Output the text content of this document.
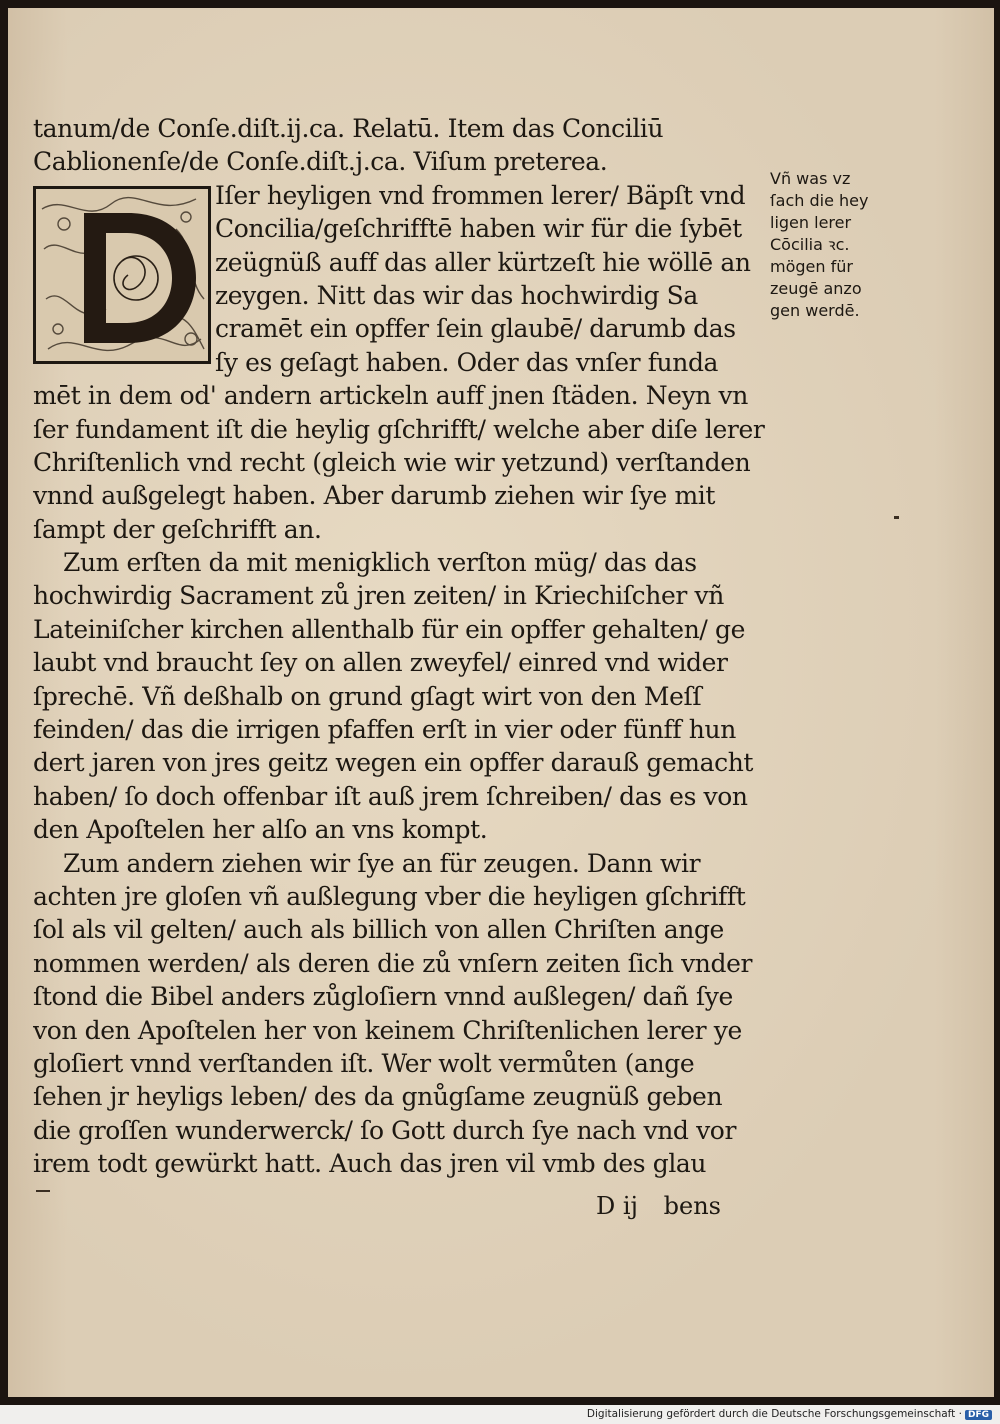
tanum/de Conſe.diſt.ij.ca. Relatū. Item das Conciliū
Cablionenſe/de Conſe.diſt.j.ca. Viſum preterea.
Iſer heyligen vnd frommen lerer/ Bäpſt vnd
Concilia/geſchrifftē haben wir für die ſybēt
zeügnüß auff das aller kürtzeſt hie wöllē an
zeygen. Nitt das wir das hochwirdig Sa
cramēt ein opffer ſein glaubē/ darumb das
ſy es geſagt haben. Oder das vnſer funda
mēt in dem od' andern artickeln auff jnen ſtäden. Neyn vn
ſer fundament iſt die heylig gſchrifft/ welche aber diſe lerer
Chriſtenlich vnd recht (gleich wie wir yetzund) verſtanden
vnnd außgelegt haben. Aber darumb ziehen wir ſye mit
ſampt der geſchrifft an.
Zum erſten da mit menigklich verſton müg/ das das
hochwirdig Sacrament zů jren zeiten/ in Kriechiſcher vñ
Lateiniſcher kirchen allenthalb für ein opffer gehalten/ ge
laubt vnd braucht ſey on allen zweyfel/ einred vnd wider
ſprechē. Vñ deßhalb on grund gſagt wirt von den Meſſ
feinden/ das die irrigen pfaffen erſt in vier oder fünff hun
dert jaren von jres geitz wegen ein opffer darauß gemacht
haben/ ſo doch offenbar iſt auß jrem ſchreiben/ das es von
den Apoſtelen her alſo an vns kompt.
Zum andern ziehen wir ſye an für zeugen. Dann wir
achten jre gloſen vñ außlegung vber die heyligen gſchrifft
ſol als vil gelten/ auch als billich von allen Chriſten ange
nommen werden/ als deren die zů vnſern zeiten ſich vnder
ſtond die Bibel anders zůgloſiern vnnd außlegen/ dañ ſye
von den Apoſtelen her von keinem Chriſtenlichen lerer ye
gloſiert vnnd verſtanden iſt. Wer wolt vermůten (ange
ſehen jr heyligs leben/ des da gnůgſame zeugnüß geben
die groſſen wunderwerck/ ſo Gott durch ſye nach vnd vor
irem todt gewürkt hatt. Auch das jren vil vmb des glau
Vñ was vz
ſach die hey
ligen lerer
Cōcilia ꝛc.
mögen für
zeugē anzo
gen werdē.
D ij bens
Digitalisierung gefördert durch die Deutsche Forschungsgemeinschaft · DFG
